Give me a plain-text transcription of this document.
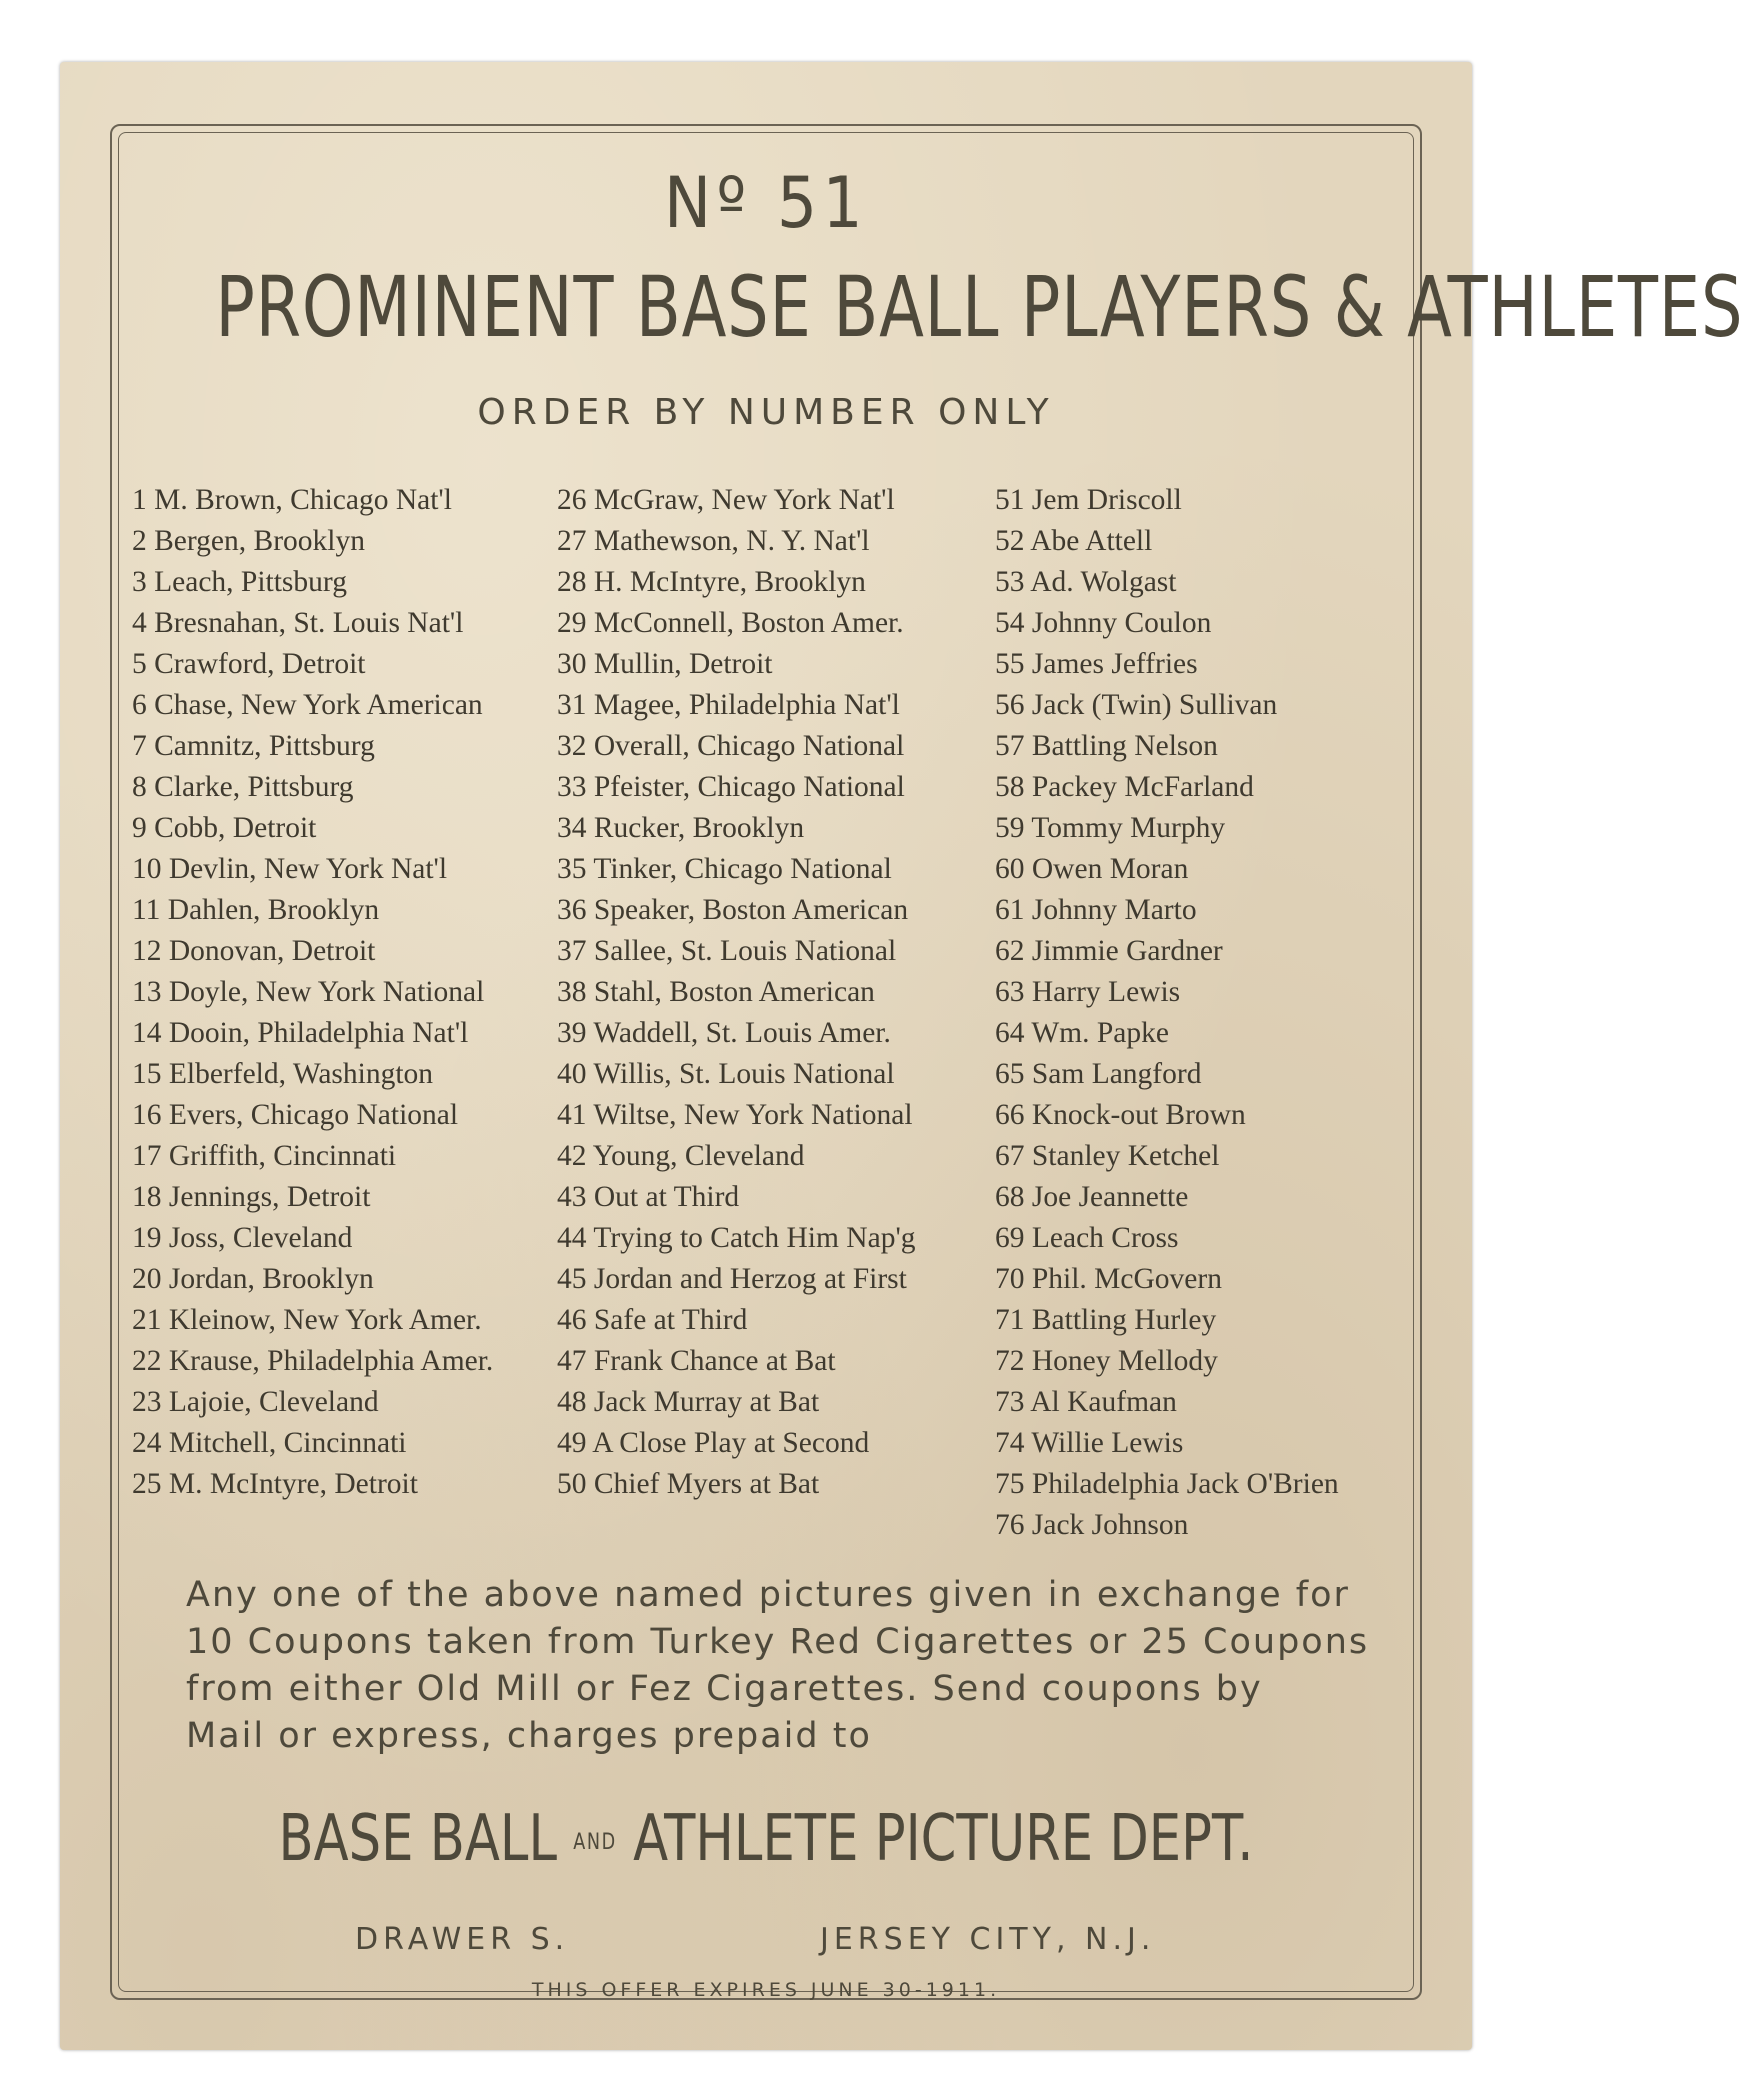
Nº 51
PROMINENT BASE BALL PLAYERS & ATHLETES
ORDER BY NUMBER ONLY
1 M. Brown, Chicago Nat'l
2 Bergen, Brooklyn
3 Leach, Pittsburg
4 Bresnahan, St. Louis Nat'l
5 Crawford, Detroit
6 Chase, New York American
7 Camnitz, Pittsburg
8 Clarke, Pittsburg
9 Cobb, Detroit
10 Devlin, New York Nat'l
11 Dahlen, Brooklyn
12 Donovan, Detroit
13 Doyle, New York National
14 Dooin, Philadelphia Nat'l
15 Elberfeld, Washington
16 Evers, Chicago National
17 Griffith, Cincinnati
18 Jennings, Detroit
19 Joss, Cleveland
20 Jordan, Brooklyn
21 Kleinow, New York Amer.
22 Krause, Philadelphia Amer.
23 Lajoie, Cleveland
24 Mitchell, Cincinnati
25 M. McIntyre, Detroit
26 McGraw, New York Nat'l
27 Mathewson, N. Y. Nat'l
28 H. McIntyre, Brooklyn
29 McConnell, Boston Amer.
30 Mullin, Detroit
31 Magee, Philadelphia Nat'l
32 Overall, Chicago National
33 Pfeister, Chicago National
34 Rucker, Brooklyn
35 Tinker, Chicago National
36 Speaker, Boston American
37 Sallee, St. Louis National
38 Stahl, Boston American
39 Waddell, St. Louis Amer.
40 Willis, St. Louis National
41 Wiltse, New York National
42 Young, Cleveland
43 Out at Third
44 Trying to Catch Him Nap'g
45 Jordan and Herzog at First
46 Safe at Third
47 Frank Chance at Bat
48 Jack Murray at Bat
49 A Close Play at Second
50 Chief Myers at Bat
51 Jem Driscoll
52 Abe Attell
53 Ad. Wolgast
54 Johnny Coulon
55 James Jeffries
56 Jack (Twin) Sullivan
57 Battling Nelson
58 Packey McFarland
59 Tommy Murphy
60 Owen Moran
61 Johnny Marto
62 Jimmie Gardner
63 Harry Lewis
64 Wm. Papke
65 Sam Langford
66 Knock-out Brown
67 Stanley Ketchel
68 Joe Jeannette
69 Leach Cross
70 Phil. McGovern
71 Battling Hurley
72 Honey Mellody
73 Al Kaufman
74 Willie Lewis
75 Philadelphia Jack O'Brien
76 Jack Johnson
Any one of the above named pictures given in exchange for
10 Coupons taken from Turkey Red Cigarettes or 25 Coupons
from either Old Mill or Fez Cigarettes. Send coupons by
Mail or express, charges prepaid to
BASE BALL AND ATHLETE PICTURE DEPT.
DRAWER S.	JERSEY CITY, N.J.
THIS OFFER EXPIRES JUNE 30-1911.
